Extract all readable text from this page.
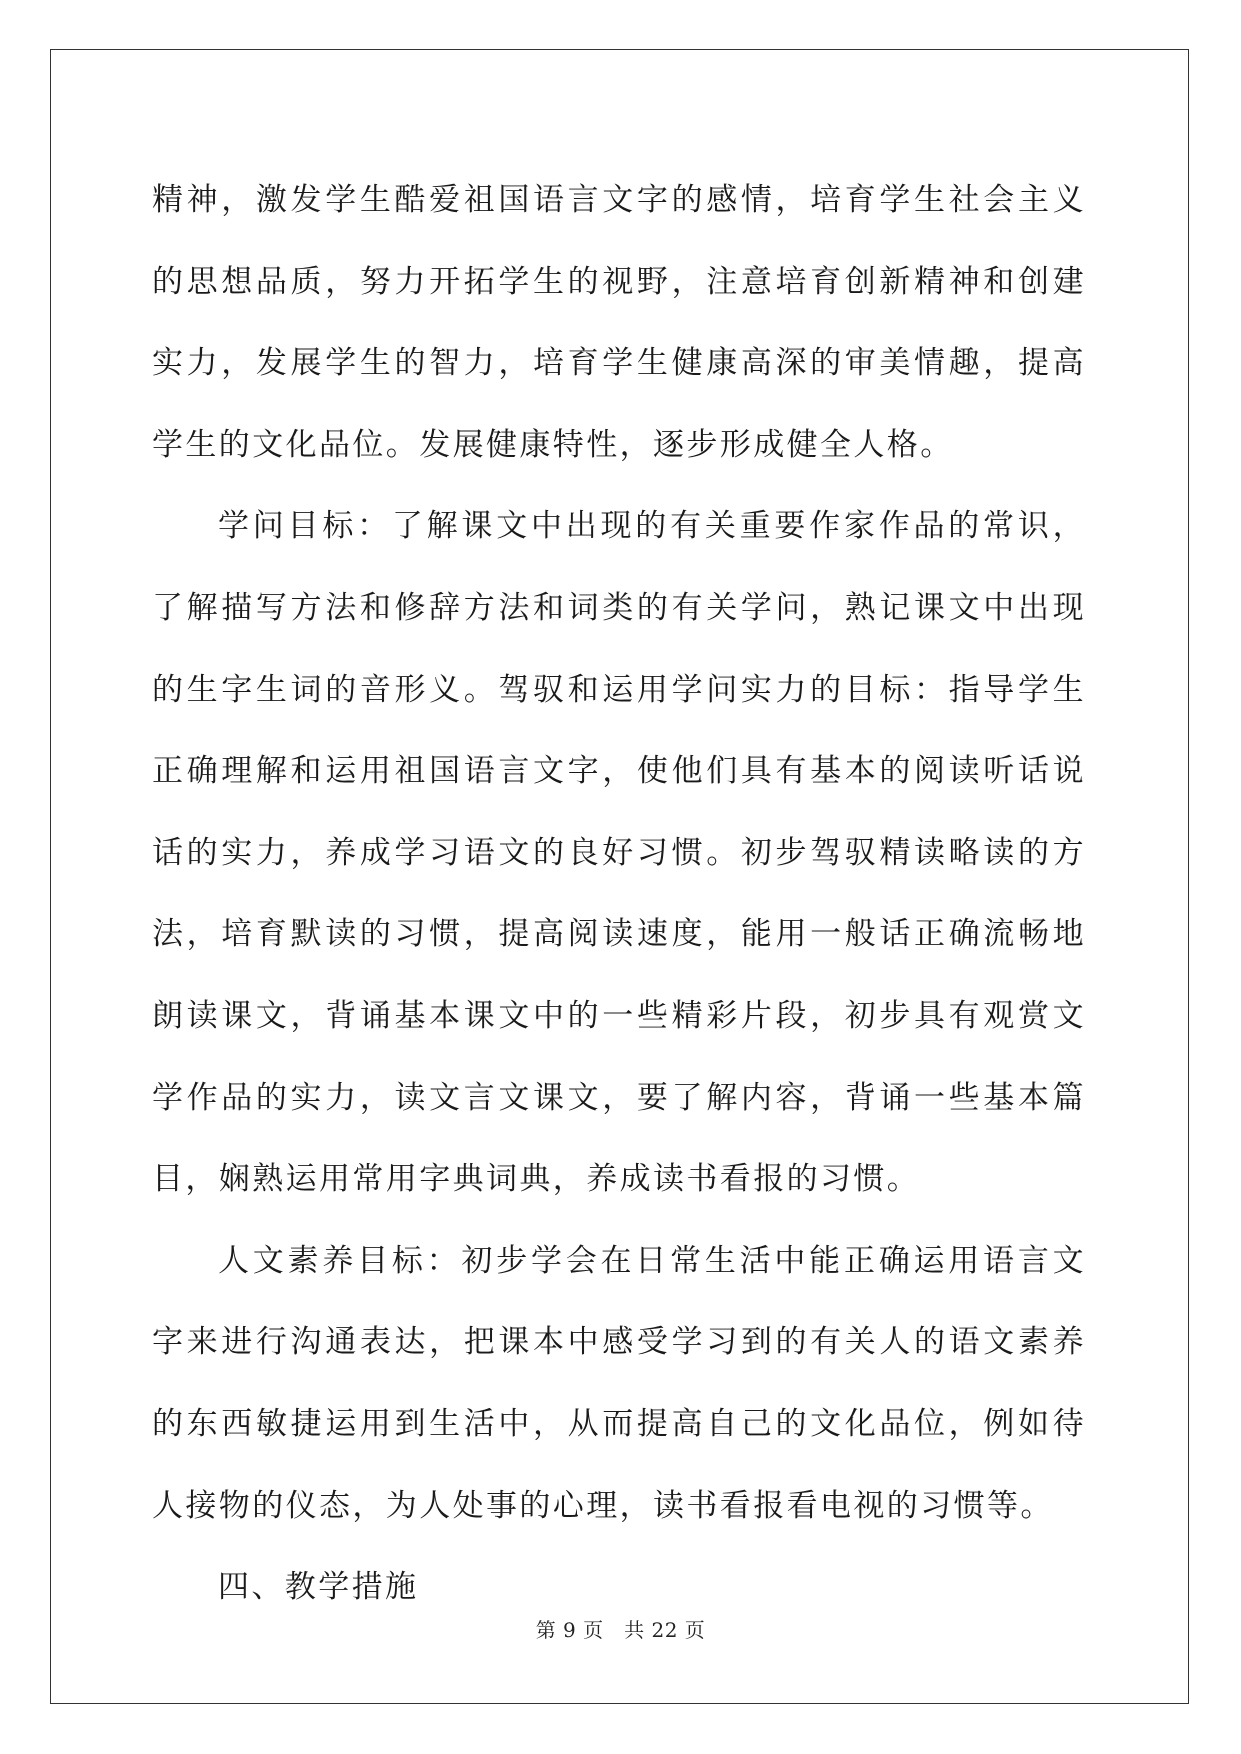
精神，激发学生酷爱祖国语言文字的感情，培育学生社会主义的思想品质，努力开拓学生的视野，注意培育创新精神和创建实力，发展学生的智力，培育学生健康高深的审美情趣，提高学生的文化品位。发展健康特性，逐步形成健全人格。

学问目标：了解课文中出现的有关重要作家作品的常识，了解描写方法和修辞方法和词类的有关学问，熟记课文中出现的生字生词的音形义。驾驭和运用学问实力的目标：指导学生正确理解和运用祖国语言文字，使他们具有基本的阅读听话说话的实力，养成学习语文的良好习惯。初步驾驭精读略读的方法，培育默读的习惯，提高阅读速度，能用一般话正确流畅地朗读课文，背诵基本课文中的一些精彩片段，初步具有观赏文学作品的实力，读文言文课文，要了解内容，背诵一些基本篇目，娴熟运用常用字典词典，养成读书看报的习惯。

人文素养目标：初步学会在日常生活中能正确运用语言文字来进行沟通表达，把课本中感受学习到的有关人的语文素养的东西敏捷运用到生活中，从而提高自己的文化品位，例如待人接物的仪态，为人处事的心理，读书看报看电视的习惯等。

四、教学措施

第 9 页　共 22 页
